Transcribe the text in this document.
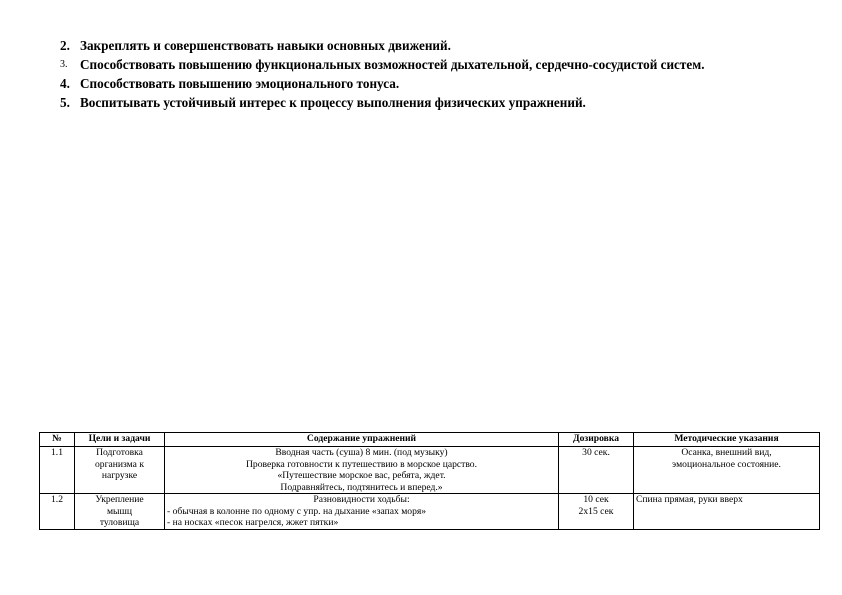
2. Закреплять и совершенствовать навыки основных движений.
3. Способствовать повышению функциональных возможностей дыхательной, сердечно-сосудистой систем.
4. Способствовать повышению эмоционального тонуса.
5. Воспитывать устойчивый интерес к процессу выполнения физических упражнений.
№	Цели и задачи	Содержание упражнений	Дозировка	Методические указания
1.1	Подготовка
организма к
нагрузке	Вводная часть (суша) 8 мин. (под музыку)
Проверка готовности к путешествию в морское царство.
«Путешествие морское вас, ребята, ждет.
Подравняйтесь, подтянитесь и вперед.»	30 сек.	Осанка, внешний вид,
эмоциональное состояние.

1.2	Укрепление
мышц
туловища	Разновидности ходьбы:
- обычная в колонне по одному с упр. на дыхание «запах моря»
- на носках «песок нагрелся, жжет пятки»	10 сек
2х15 сек	Спина прямая, руки вверх
